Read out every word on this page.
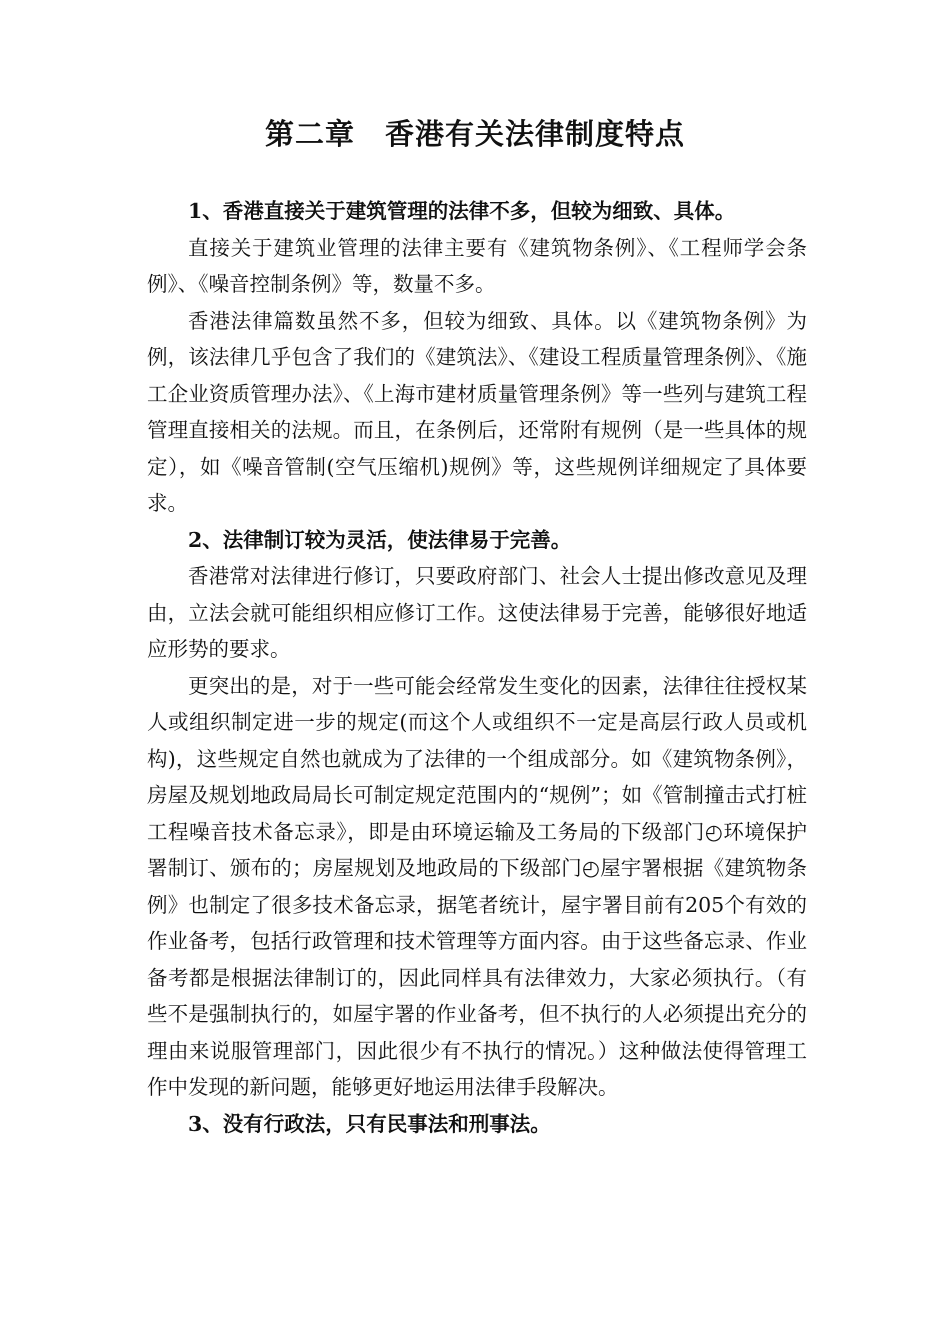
第二章　香港有关法律制度特点

1、香港直接关于建筑管理的法律不多，但较为细致、具体。

直接关于建筑业管理的法律主要有《建筑物条例》、《工程师学会条例》、《噪音控制条例》等，数量不多。

香港法律篇数虽然不多，但较为细致、具体。以《建筑物条例》为例，该法律几乎包含了我们的《建筑法》、《建设工程质量管理条例》、《施工企业资质管理办法》、《上海市建材质量管理条例》等一些列与建筑工程管理直接相关的法规。而且，在条例后，还常附有规例（是一些具体的规定），如《噪音管制(空气压缩机)规例》等，这些规例详细规定了具体要求。

2、法律制订较为灵活，使法律易于完善。

香港常对法律进行修订，只要政府部门、社会人士提出修改意见及理由，立法会就可能组织相应修订工作。这使法律易于完善，能够很好地适应形势的要求。

更突出的是，对于一些可能会经常发生变化的因素，法律往往授权某人或组织制定进一步的规定(而这个人或组织不一定是高层行政人员或机构)，这些规定自然也就成为了法律的一个组成部分。如《建筑物条例》，房屋及规划地政局局长可制定规定范围内的“规例”；如《管制撞击式打桩工程噪音技术备忘录》，即是由环境运输及工务局的下级部门◴环境保护署制订、颁布的；房屋规划及地政局的下级部门◴屋宇署根据《建筑物条例》也制定了很多技术备忘录，据笔者统计，屋宇署目前有205个有效的作业备考，包括行政管理和技术管理等方面内容。由于这些备忘录、作业备考都是根据法律制订的，因此同样具有法律效力，大家必须执行。（有些不是强制执行的，如屋宇署的作业备考，但不执行的人必须提出充分的理由来说服管理部门，因此很少有不执行的情况。）这种做法使得管理工作中发现的新问题，能够更好地运用法律手段解决。

3、没有行政法，只有民事法和刑事法。
